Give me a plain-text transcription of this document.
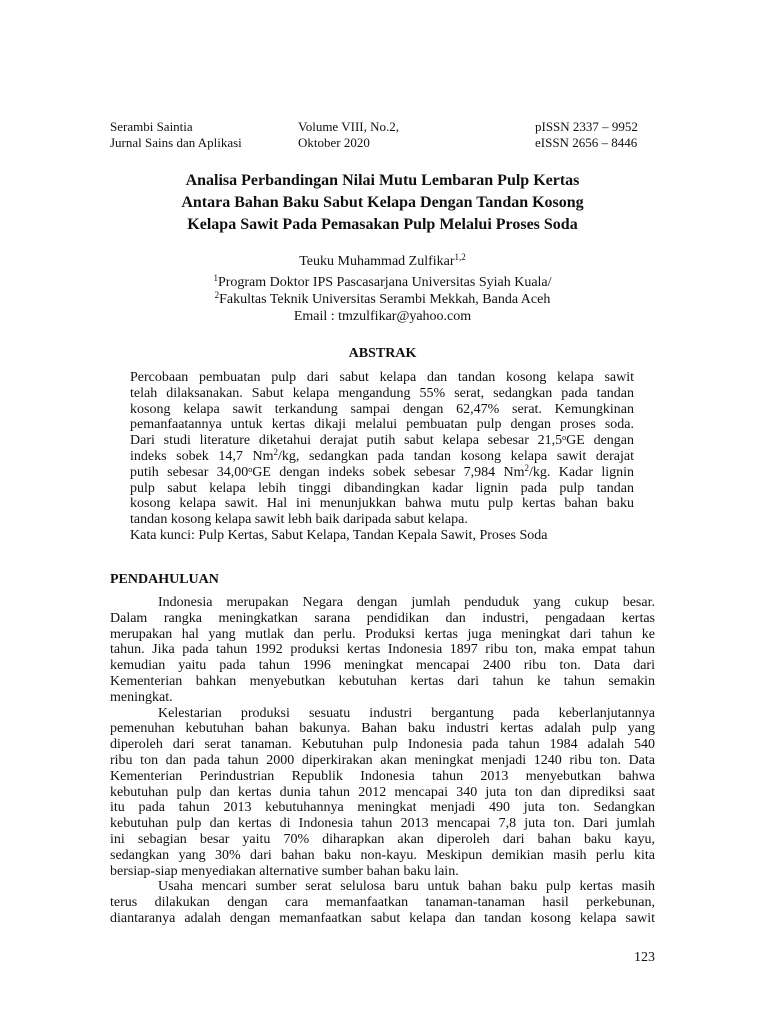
Serambi Saintia
Jurnal Sains dan Aplikasi
Volume VIII, No.2,
Oktober 2020
pISSN 2337 – 9952
eISSN 2656 – 8446
Analisa Perbandingan Nilai Mutu Lembaran Pulp Kertas
Antara Bahan Baku Sabut Kelapa Dengan Tandan Kosong
Kelapa Sawit Pada Pemasakan Pulp Melalui Proses Soda
Teuku Muhammad Zulfikar$^{1,2}$
$^1$Program Doktor IPS Pascasarjana Universitas Syiah Kuala/
$^2$Fakultas Teknik Universitas Serambi Mekkah, Banda Aceh
Email : tmzulfikar@yahoo.com
ABSTRAK
Percobaan pembuatan pulp dari sabut kelapa dan tandan kosong kelapa sawit
telah dilaksanakan. Sabut kelapa mengandung 55% serat, sedangkan pada tandan
kosong kelapa sawit terkandung sampai dengan 62,47% serat. Kemungkinan
pemanfaatannya untuk kertas dikaji melalui pembuatan pulp dengan proses soda.
Dari studi literature diketahui derajat putih sabut kelapa sebesar 21,5ᵒGE dengan
indeks sobek 14,7 Nm$^2$/kg, sedangkan pada tandan kosong kelapa sawit derajat
putih sebesar 34,00ᵒGE dengan indeks sobek sebesar 7,984 Nm$^2$/kg. Kadar lignin
pulp sabut kelapa lebih tinggi dibandingkan kadar lignin pada pulp tandan
kosong kelapa sawit. Hal ini menunjukkan bahwa mutu pulp kertas bahan baku
tandan kosong kelapa sawit lebh baik daripada sabut kelapa.
Kata kunci: Pulp Kertas, Sabut Kelapa, Tandan Kepala Sawit, Proses Soda
PENDAHULUAN
Indonesia merupakan Negara dengan jumlah penduduk yang cukup besar.
Dalam rangka meningkatkan sarana pendidikan dan industri, pengadaan kertas
merupakan hal yang mutlak dan perlu. Produksi kertas juga meningkat dari tahun ke
tahun. Jika pada tahun 1992 produksi kertas Indonesia 1897 ribu ton, maka empat tahun
kemudian yaitu pada tahun 1996 meningkat mencapai 2400 ribu ton. Data dari
Kementerian bahkan menyebutkan kebutuhan kertas dari tahun ke tahun semakin
meningkat.
Kelestarian produksi sesuatu industri bergantung pada keberlanjutannya
pemenuhan kebutuhan bahan bakunya. Bahan baku industri kertas adalah pulp yang
diperoleh dari serat tanaman. Kebutuhan pulp Indonesia pada tahun 1984 adalah 540
ribu ton dan pada tahun 2000 diperkirakan akan meningkat menjadi 1240 ribu ton. Data
Kementerian Perindustrian Republik Indonesia tahun 2013 menyebutkan bahwa
kebutuhan pulp dan kertas dunia tahun 2012 mencapai 340 juta ton dan diprediksi saat
itu pada tahun 2013 kebutuhannya meningkat menjadi 490 juta ton. Sedangkan
kebutuhan pulp dan kertas di Indonesia tahun 2013 mencapai 7,8 juta ton. Dari jumlah
ini sebagian besar yaitu 70% diharapkan akan diperoleh dari bahan baku kayu,
sedangkan yang 30% dari bahan baku non-kayu. Meskipun demikian masih perlu kita
bersiap-siap menyediakan alternative sumber bahan baku lain.
Usaha mencari sumber serat selulosa baru untuk bahan baku pulp kertas masih
terus dilakukan dengan cara memanfaatkan tanaman-tanaman hasil perkebunan,
diantaranya adalah dengan memanfaatkan sabut kelapa dan tandan kosong kelapa sawit
123
